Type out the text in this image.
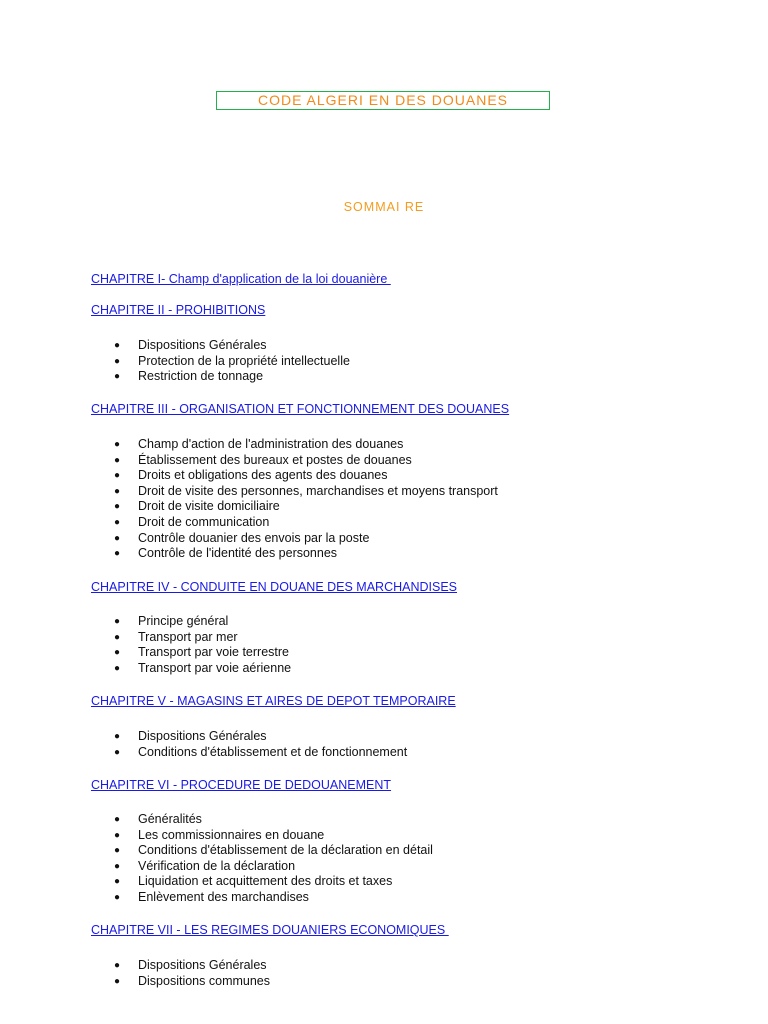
CODE ALGERI EN DES DOUANES
SOMMAI RE
CHAPITRE I- Champ d'application de la loi douanière
CHAPITRE II - PROHIBITIONS
● Dispositions Générales
● Protection de la propriété intellectuelle
● Restriction de tonnage
CHAPITRE III - ORGANISATION ET FONCTIONNEMENT DES DOUANES
● Champ d'action de l'administration des douanes
● Établissement des bureaux et postes de douanes
● Droits et obligations des agents des douanes
● Droit de visite des personnes, marchandises et moyens transport
● Droit de visite domiciliaire
● Droit de communication
● Contrôle douanier des envois par la poste
● Contrôle de l'identité des personnes
CHAPITRE IV - CONDUITE EN DOUANE DES MARCHANDISES
● Principe général
● Transport par mer
● Transport par voie terrestre
● Transport par voie aérienne
CHAPITRE V - MAGASINS ET AIRES DE DEPOT TEMPORAIRE
● Dispositions Générales
● Conditions d'établissement et de fonctionnement
CHAPITRE VI - PROCEDURE DE DEDOUANEMENT
● Généralités
● Les commissionnaires en douane
● Conditions d'établissement de la déclaration en détail
● Vérification de la déclaration
● Liquidation et acquittement des droits et taxes
● Enlèvement des marchandises
CHAPITRE VII - LES REGIMES DOUANIERS ECONOMIQUES
● Dispositions Générales
● Dispositions communes
